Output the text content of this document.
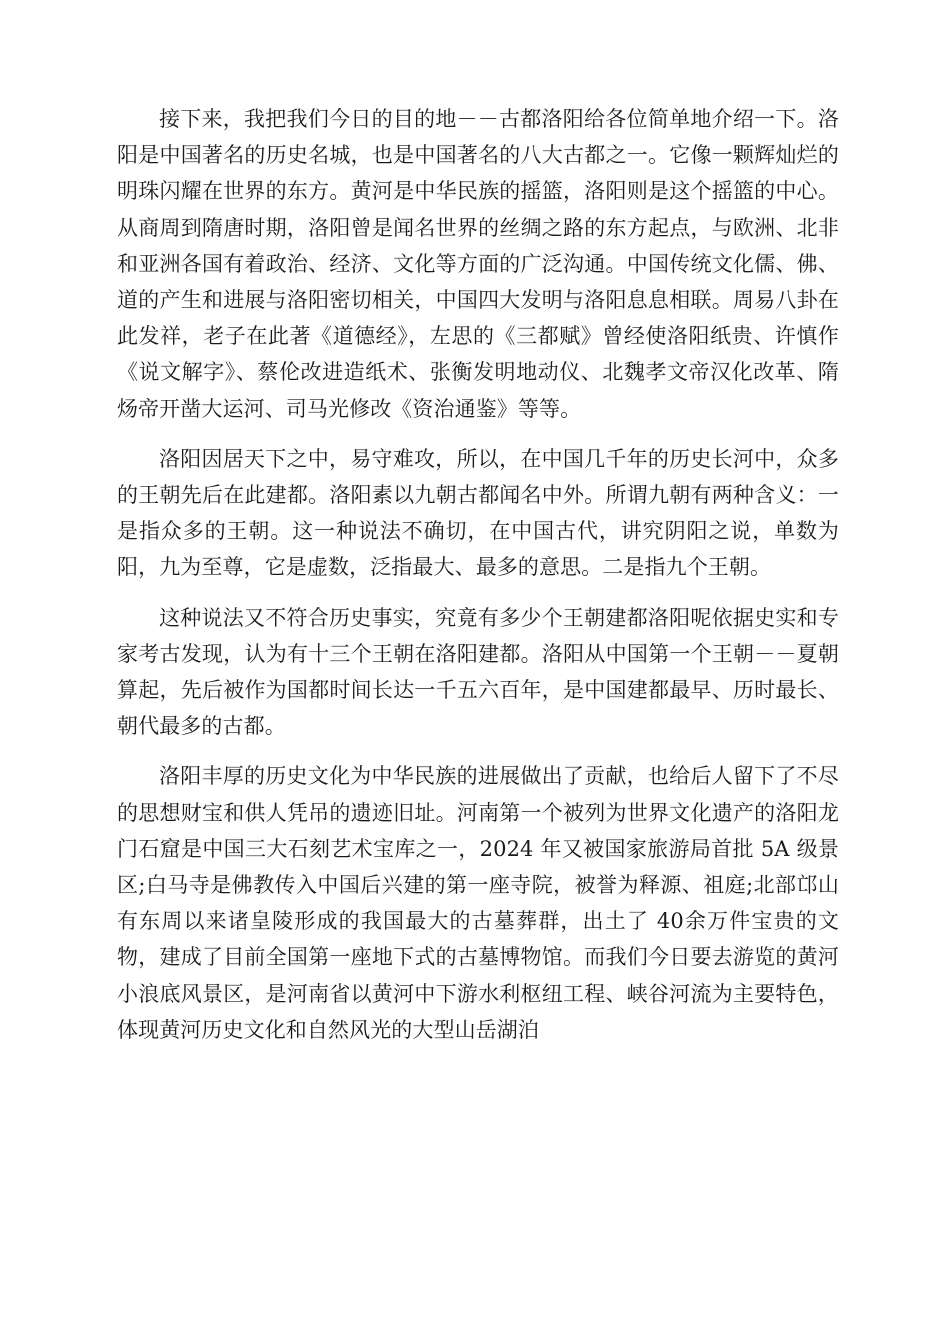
接下来，我把我们今日的目的地－－古都洛阳给各位简单地介绍一下。洛阳是中国著名的历史名城，也是中国著名的八大古都之一。它像一颗辉灿烂的明珠闪耀在世界的东方。黄河是中华民族的摇篮，洛阳则是这个摇篮的中心。从商周到隋唐时期，洛阳曾是闻名世界的丝绸之路的东方起点，与欧洲、北非和亚洲各国有着政治、经济、文化等方面的广泛沟通。中国传统文化儒、佛、道的产生和进展与洛阳密切相关，中国四大发明与洛阳息息相联。周易八卦在此发祥，老子在此著《道德经》，左思的《三都赋》曾经使洛阳纸贵、许慎作《说文解字》、蔡伦改进造纸术、张衡发明地动仪、北魏孝文帝汉化改革、隋炀帝开凿大运河、司马光修改《资治通鉴》等等。

洛阳因居天下之中，易守难攻，所以，在中国几千年的历史长河中，众多的王朝先后在此建都。洛阳素以九朝古都闻名中外。所谓九朝有两种含义：一是指众多的王朝。这一种说法不确切，在中国古代，讲究阴阳之说，单数为阳，九为至尊，它是虚数，泛指最大、最多的意思。二是指九个王朝。

这种说法又不符合历史事实，究竟有多少个王朝建都洛阳呢依据史实和专家考古发现，认为有十三个王朝在洛阳建都。洛阳从中国第一个王朝－－夏朝算起，先后被作为国都时间长达一千五六百年，是中国建都最早、历时最长、朝代最多的古都。

洛阳丰厚的历史文化为中华民族的进展做出了贡献，也给后人留下了不尽的思想财宝和供人凭吊的遗迹旧址。河南第一个被列为世界文化遗产的洛阳龙门石窟是中国三大石刻艺术宝库之一，2024 年又被国家旅游局首批 5A 级景区;白马寺是佛教传入中国后兴建的第一座寺院，被誉为释源、祖庭;北部邙山有东周以来诸皇陵形成的我国最大的古墓葬群，出土了 40余万件宝贵的文物，建成了目前全国第一座地下式的古墓博物馆。而我们今日要去游览的黄河小浪底风景区，是河南省以黄河中下游水利枢纽工程、峡谷河流为主要特色，体现黄河历史文化和自然风光的大型山岳湖泊
